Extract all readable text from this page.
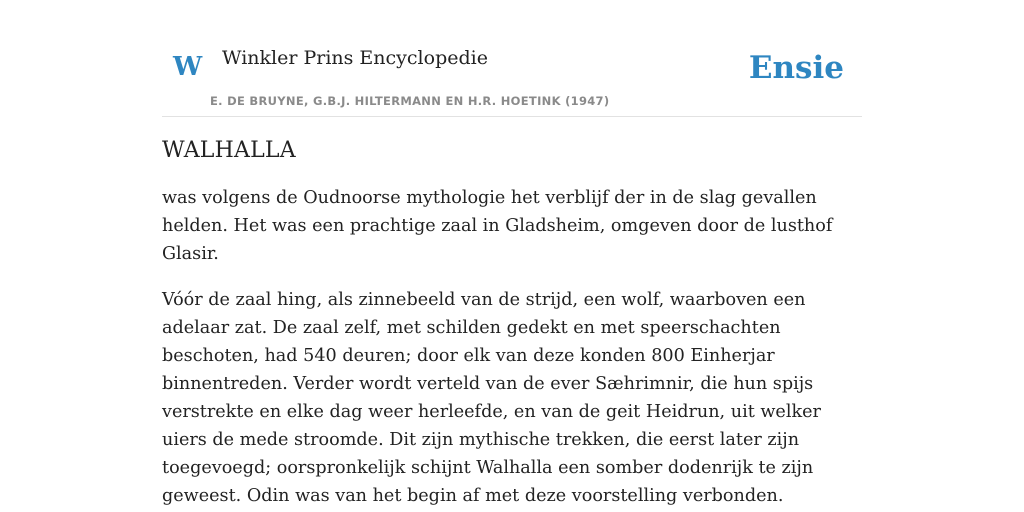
W Winkler Prins Encyclopedie
E. DE BRUYNE, G.B.J. HILTERMANN EN H.R. HOETINK (1947)
Ensie
WALHALLA

was volgens de Oudnoorse mythologie het verblijf der in de slag gevallen helden. Het was een prachtige zaal in Gladsheim, omgeven door de lusthof Glasir.

Vóór de zaal hing, als zinnebeeld van de strijd, een wolf, waarboven een adelaar zat. De zaal zelf, met schilden gedekt en met speerschachten beschoten, had 540 deuren; door elk van deze konden 800 Einherjar binnentreden. Verder wordt verteld van de ever Sæhrimnir, die hun spijs verstrekte en elke dag weer herleefde, en van de geit Heidrun, uit welker uiers de mede stroomde. Dit zijn mythische trekken, die eerst later zijn toegevoegd; oorspronkelijk schijnt Walhalla een somber dodenrijk te zijn geweest. Odin was van het begin af met deze voorstelling verbonden.
